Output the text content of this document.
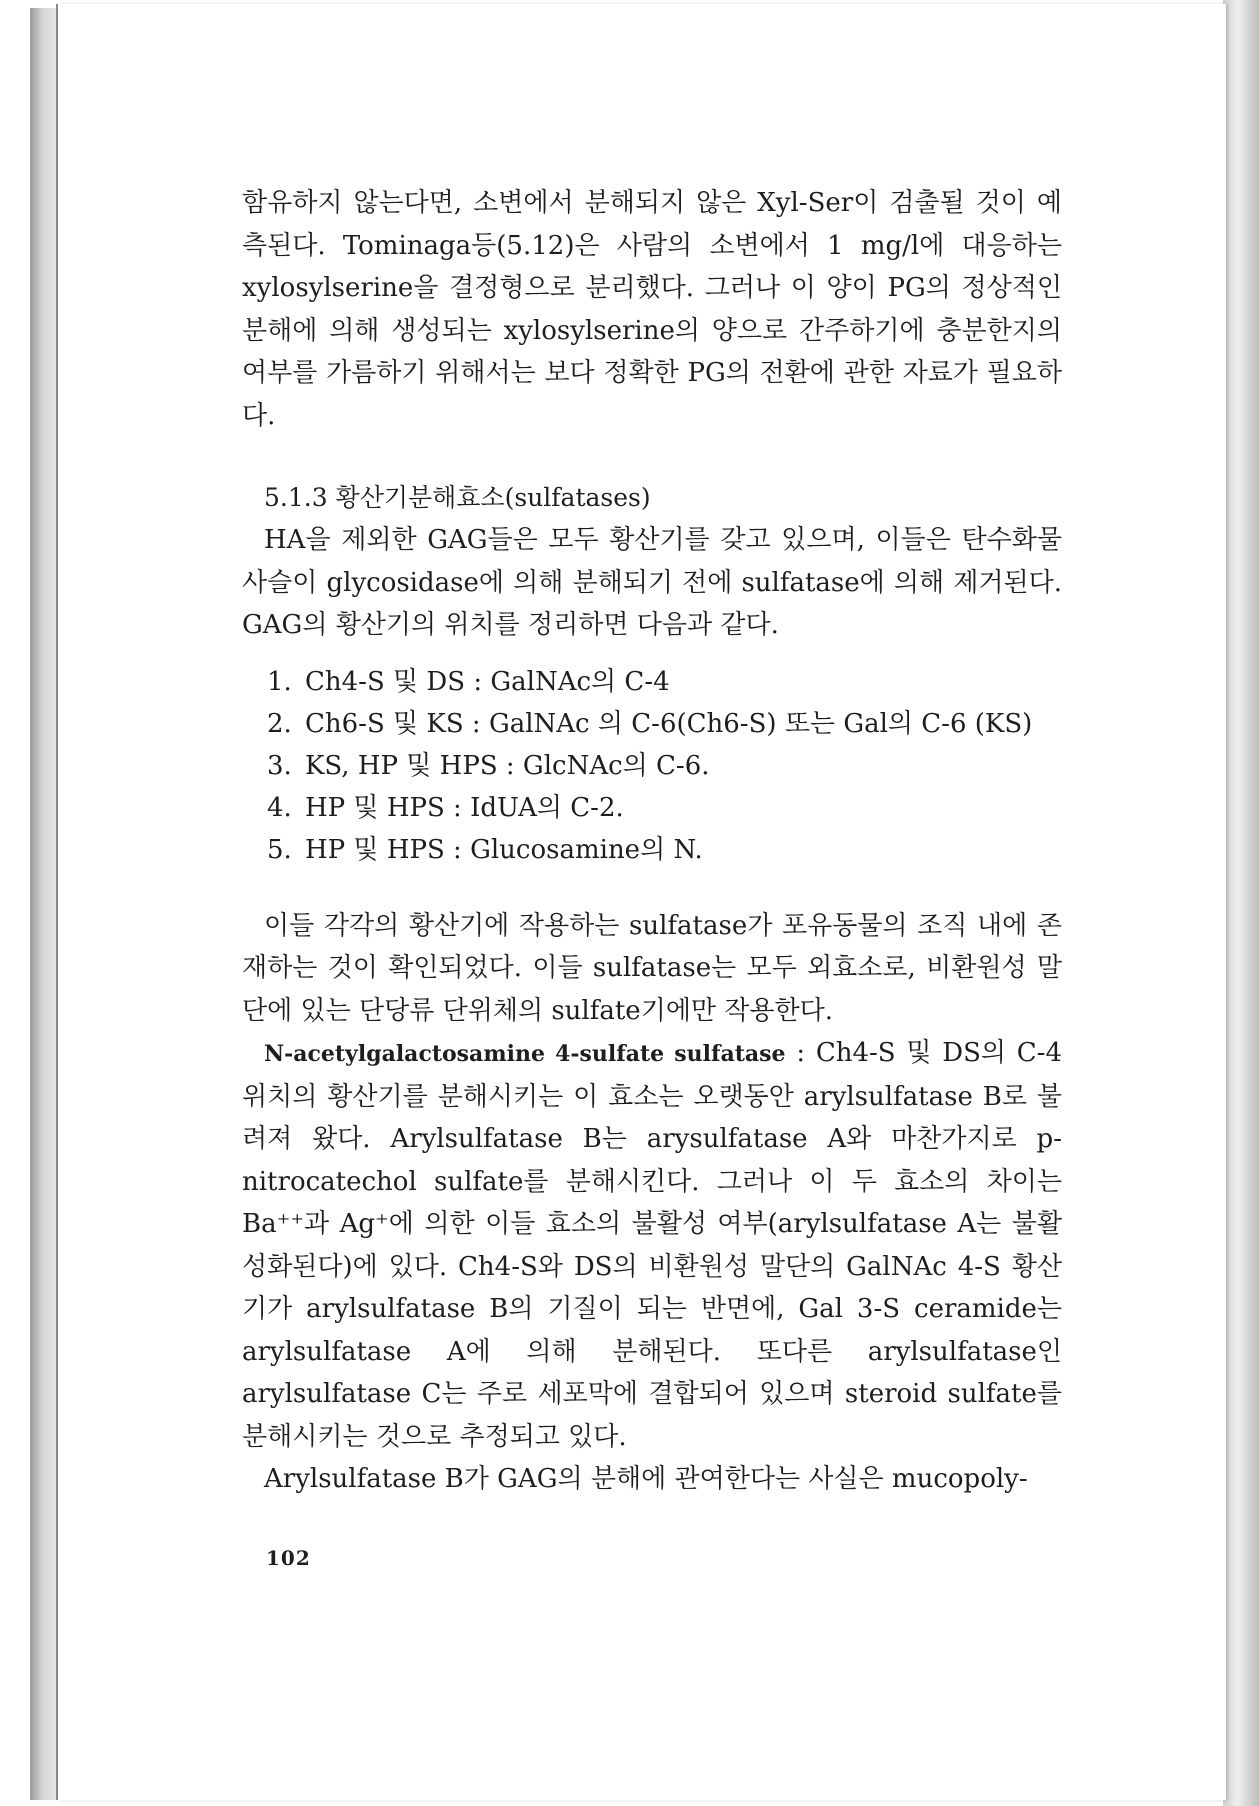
함유하지 않는다면, 소변에서 분해되지 않은 Xyl-Ser이 검출될 것이 예측된다. Tominaga등(5.12)은 사람의 소변에서 1 mg/l에 대응하는 xylosylserine을 결정형으로 분리했다. 그러나 이 양이 PG의 정상적인 분해에 의해 생성되는 xylosylserine의 양으로 간주하기에 충분한지의 여부를 가름하기 위해서는 보다 정확한 PG의 전환에 관한 자료가 필요하다.

5.1.3 황산기분해효소(sulfatases)

HA을 제외한 GAG들은 모두 황산기를 갖고 있으며, 이들은 탄수화물 사슬이 glycosidase에 의해 분해되기 전에 sulfatase에 의해 제거된다. GAG의 황산기의 위치를 정리하면 다음과 같다.

1. Ch4-S 및 DS : GalNAc의 C-4
2. Ch6-S 및 KS : GalNAc 의 C-6(Ch6-S) 또는 Gal의 C-6 (KS)
3. KS, HP 및 HPS : GlcNAc의 C-6.
4. HP 및 HPS : IdUA의 C-2.
5. HP 및 HPS : Glucosamine의 N.

이들 각각의 황산기에 작용하는 sulfatase가 포유동물의 조직 내에 존재하는 것이 확인되었다. 이들 sulfatase는 모두 외효소로, 비환원성 말단에 있는 단당류 단위체의 sulfate기에만 작용한다.

N-acetylgalactosamine 4-sulfate sulfatase : Ch4-S 및 DS의 C-4 위치의 황산기를 분해시키는 이 효소는 오랫동안 arylsulfatase B로 불려져 왔다. Arylsulfatase B는 arysulfatase A와 마찬가지로 p-nitrocatechol sulfate를 분해시킨다. 그러나 이 두 효소의 차이는 Ba⁺⁺과 Ag⁺에 의한 이들 효소의 불활성 여부(arylsulfatase A는 불활성화된다)에 있다. Ch4-S와 DS의 비환원성 말단의 GalNAc 4-S 황산기가 arylsulfatase B의 기질이 되는 반면에, Gal 3-S ceramide는 arylsulfatase A에 의해 분해된다. 또다른 arylsulfatase인 arylsulfatase C는 주로 세포막에 결합되어 있으며 steroid sulfate를 분해시키는 것으로 추정되고 있다.

Arylsulfatase B가 GAG의 분해에 관여한다는 사실은 mucopoly-

102
